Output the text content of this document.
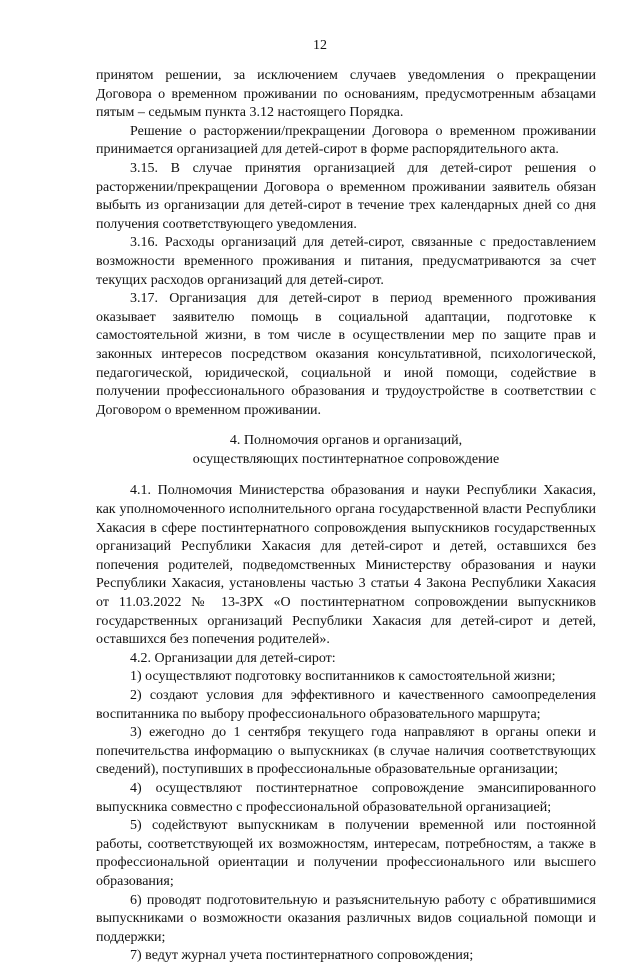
12

принятом решении, за исключением случаев уведомления о прекращении Договора о временном проживании по основаниям, предусмотренным абзацами пятым – седьмым пункта 3.12 настоящего Порядка.

Решение о расторжении/прекращении Договора о временном проживании принимается организацией для детей-сирот в форме распорядительного акта.

3.15. В случае принятия организацией для детей-сирот решения о расторжении/прекращении Договора о временном проживании заявитель обязан выбыть из организации для детей-сирот в течение трех календарных дней со дня получения соответствующего уведомления.

3.16. Расходы организаций для детей-сирот, связанные с предоставлением возможности временного проживания и питания, предусматриваются за счет текущих расходов организаций для детей-сирот.

3.17. Организация для детей-сирот в период временного проживания оказывает заявителю помощь в социальной адаптации, подготовке к самостоятельной жизни, в том числе в осуществлении мер по защите прав и законных интересов посредством оказания консультативной, психологической, педагогической, юридической, социальной и иной помощи, содействие в получении профессионального образования и трудоустройстве в соответствии с Договором о временном проживании.

4. Полномочия органов и организаций,
осуществляющих постинтернатное сопровождение

4.1. Полномочия Министерства образования и науки Республики Хакасия, как уполномоченного исполнительного органа государственной власти Республики Хакасия в сфере постинтернатного сопровождения выпускников государственных организаций Республики Хакасия для детей-сирот и детей, оставшихся без попечения родителей, подведомственных Министерству образования и науки Республики Хакасия, установлены частью 3 статьи 4 Закона Республики Хакасия от 11.03.2022 № 13-ЗРХ «О постинтернатном сопровождении выпускников государственных организаций Республики Хакасия для детей-сирот и детей, оставшихся без попечения родителей».

4.2. Организации для детей-сирот:

1) осуществляют подготовку воспитанников к самостоятельной жизни;

2) создают условия для эффективного и качественного самоопределения воспитанника по выбору профессионального образовательного маршрута;

3) ежегодно до 1 сентября текущего года направляют в органы опеки и попечительства информацию о выпускниках (в случае наличия соответствующих сведений), поступивших в профессиональные образовательные организации;

4) осуществляют постинтернатное сопровождение эмансипированного выпускника совместно с профессиональной образовательной организацией;

5) содействуют выпускникам в получении временной или постоянной работы, соответствующей их возможностям, интересам, потребностям, а также в профессиональной ориентации и получении профессионального или высшего образования;

6) проводят подготовительную и разъяснительную работу с обратившимися выпускниками о возможности оказания различных видов социальной помощи и поддержки;

7) ведут журнал учета постинтернатного сопровождения;
